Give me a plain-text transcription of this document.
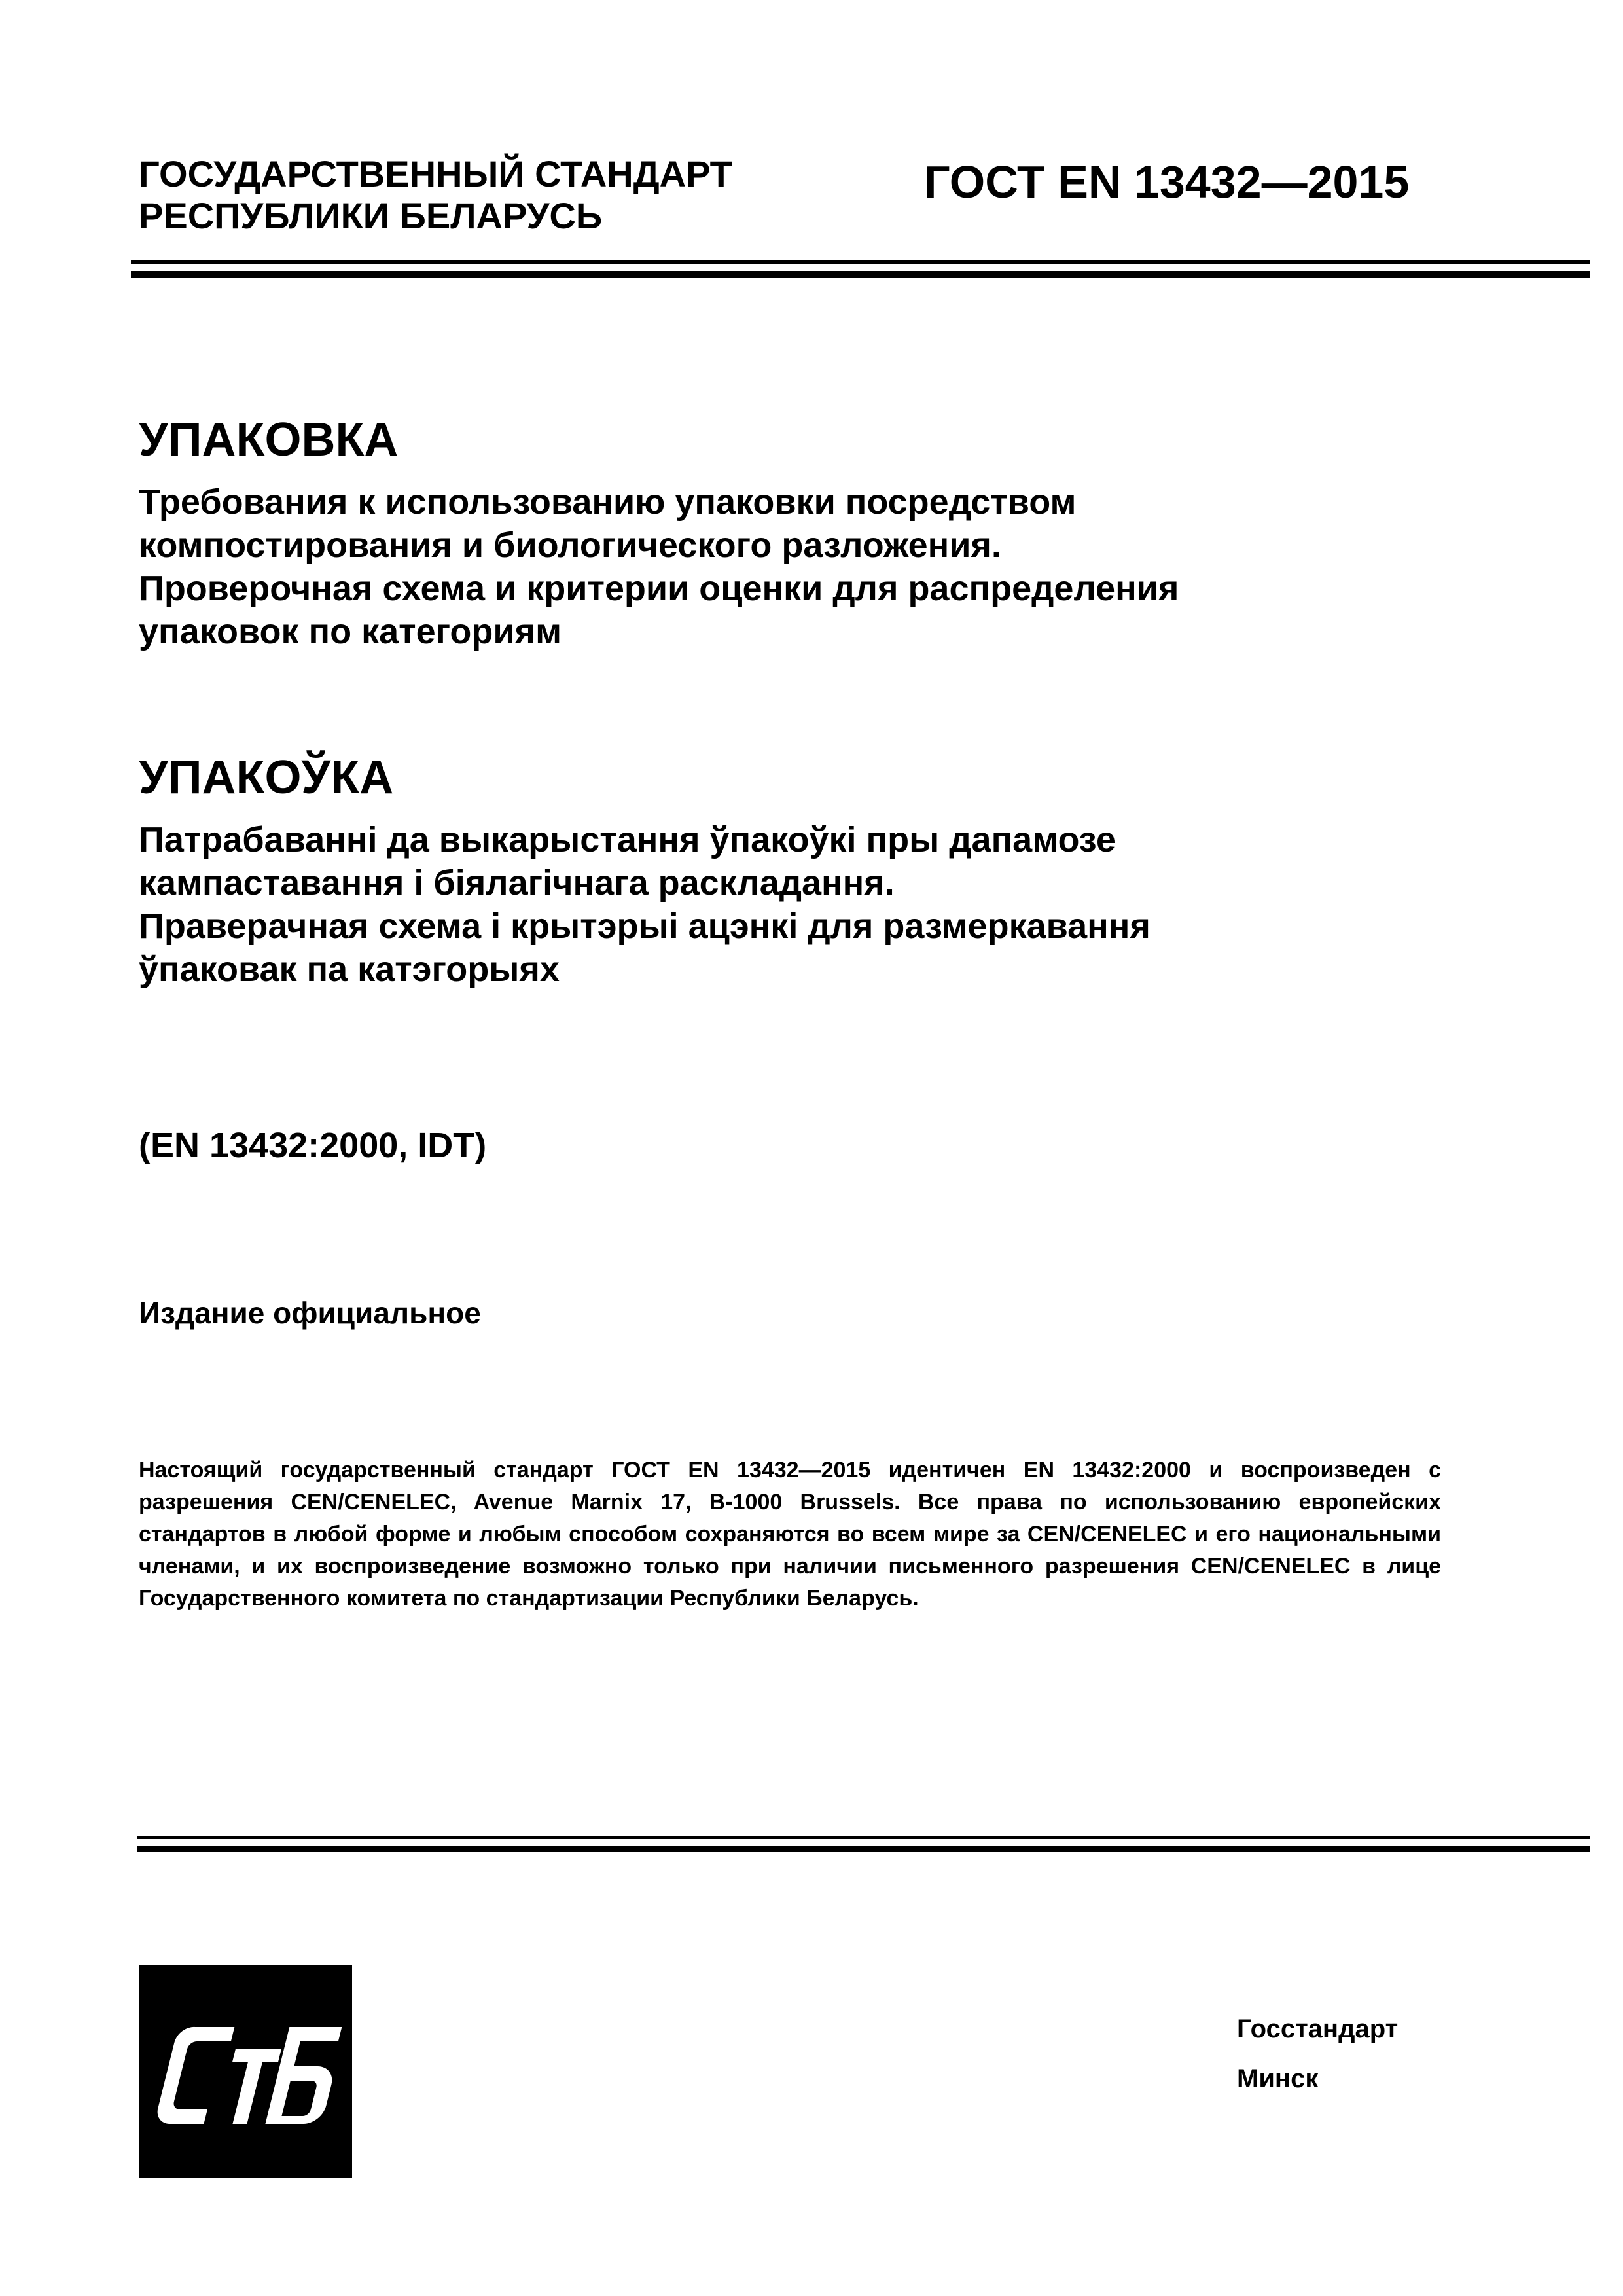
ГОСУДАРСТВЕННЫЙ СТАНДАРТ
РЕСПУБЛИКИ БЕЛАРУСЬ
ГОСТ EN 13432—2015
УПАКОВКА
Требования к использованию упаковки посредством
компостирования и биологического разложения.
Проверочная схема и критерии оценки для распределения
упаковок по категориям
УПАКОЎКА
Патрабаванні да выкарыстання ўпакоўкі пры дапамозе
кампаставання і біялагічнага раскладання.
Праверачная схема і крытэрыі ацэнкі для размеркавання
ўпаковак па катэгорыях
(EN 13432:2000, IDT)
Издание официальное
Настоящий государственный стандарт ГОСТ EN 13432—2015 идентичен EN 13432:2000 и воспроизведен с разрешения CEN/CENELEC, Avenue Marnix 17, B-1000 Brussels. Все права по использованию европейских стандартов в любой форме и любым способом сохраняются во всем мире за CEN/CENELEC и его национальными членами, и их воспроизведение возможно только при наличии письменного разрешения CEN/CENELEC в лице Государственного комитета по стандартизации Республики Беларусь.
Госстандарт
Минск
